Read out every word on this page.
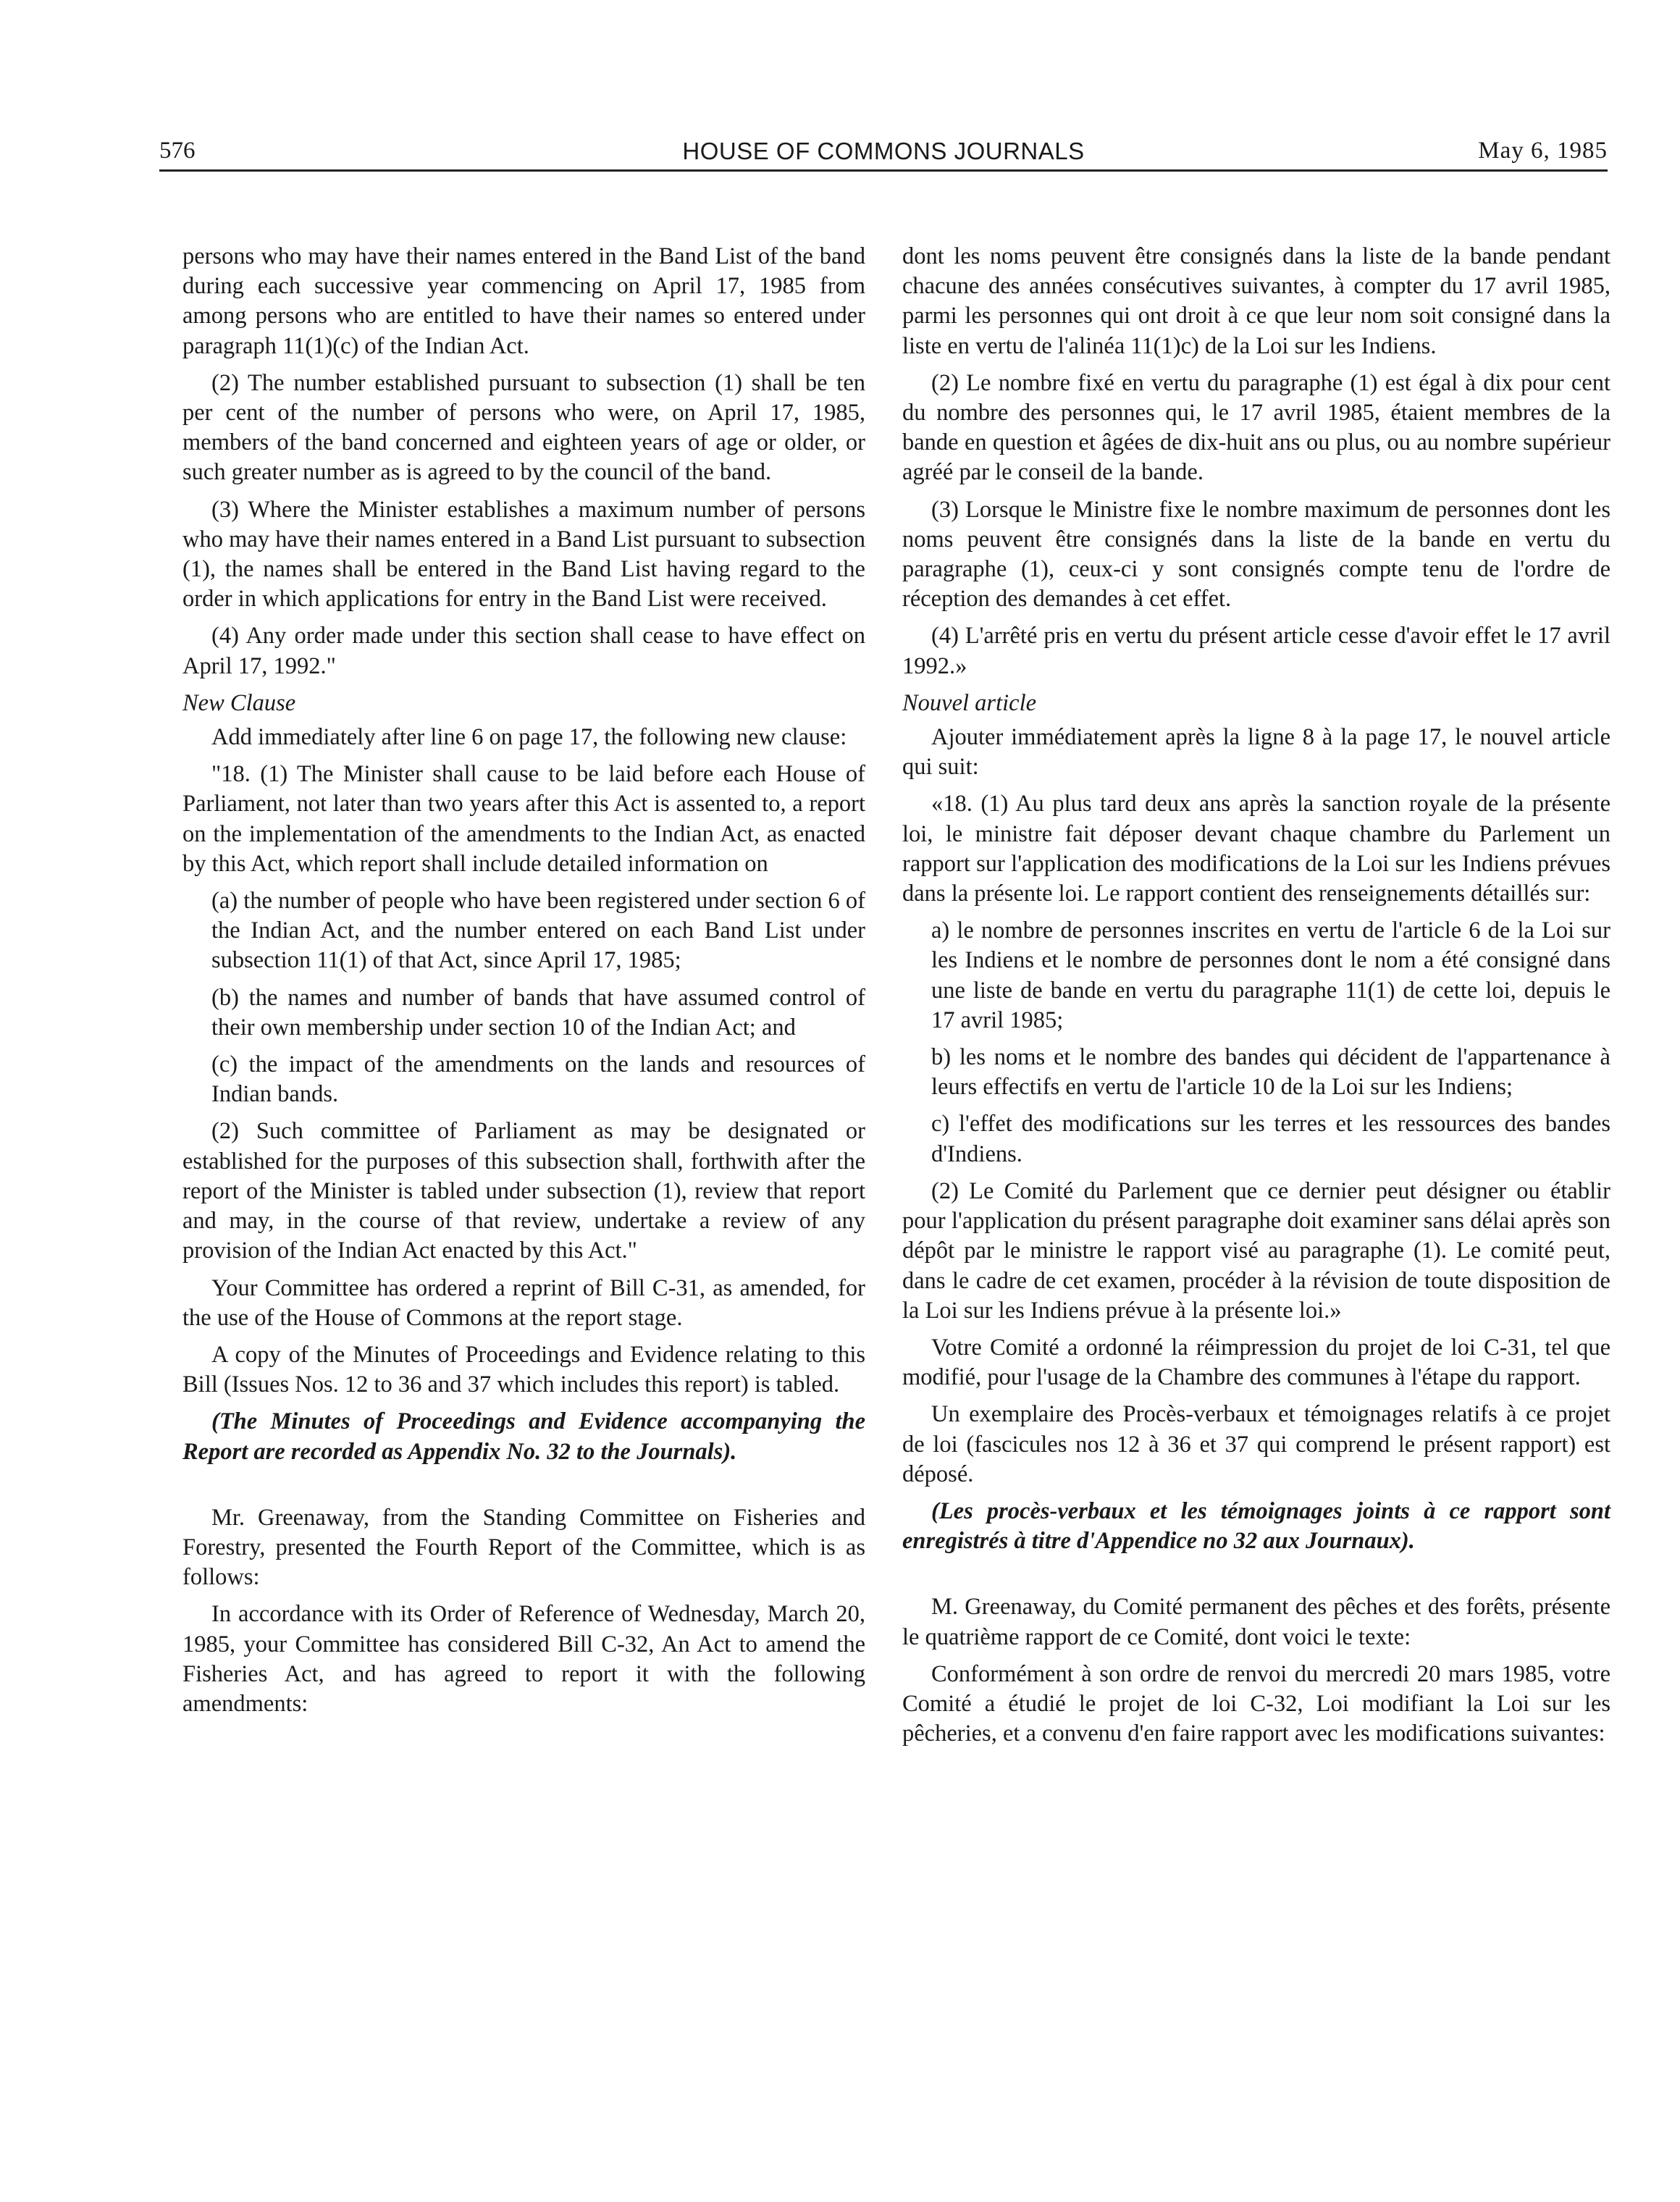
576	HOUSE OF COMMONS JOURNALS	May 6, 1985

persons who may have their names entered in the Band List of the band during each successive year commencing on April 17, 1985 from among persons who are entitled to have their names so entered under paragraph 11(1)(c) of the Indian Act.

(2) The number established pursuant to subsection (1) shall be ten per cent of the number of persons who were, on April 17, 1985, members of the band concerned and eighteen years of age or older, or such greater number as is agreed to by the council of the band.

(3) Where the Minister establishes a maximum number of persons who may have their names entered in a Band List pursuant to subsection (1), the names shall be entered in the Band List having regard to the order in which applications for entry in the Band List were received.

(4) Any order made under this section shall cease to have effect on April 17, 1992."

New Clause

Add immediately after line 6 on page 17, the following new clause:

"18. (1) The Minister shall cause to be laid before each House of Parliament, not later than two years after this Act is assented to, a report on the implementation of the amendments to the Indian Act, as enacted by this Act, which report shall include detailed information on

(a) the number of people who have been registered under section 6 of the Indian Act, and the number entered on each Band List under subsection 11(1) of that Act, since April 17, 1985;

(b) the names and number of bands that have assumed control of their own membership under section 10 of the Indian Act; and

(c) the impact of the amendments on the lands and resources of Indian bands.

(2) Such committee of Parliament as may be designated or established for the purposes of this subsection shall, forthwith after the report of the Minister is tabled under subsection (1), review that report and may, in the course of that review, undertake a review of any provision of the Indian Act enacted by this Act."

Your Committee has ordered a reprint of Bill C-31, as amended, for the use of the House of Commons at the report stage.

A copy of the Minutes of Proceedings and Evidence relating to this Bill (Issues Nos. 12 to 36 and 37 which includes this report) is tabled.

(The Minutes of Proceedings and Evidence accompanying the Report are recorded as Appendix No. 32 to the Journals).

Mr. Greenaway, from the Standing Committee on Fisheries and Forestry, presented the Fourth Report of the Committee, which is as follows:

In accordance with its Order of Reference of Wednesday, March 20, 1985, your Committee has considered Bill C-32, An Act to amend the Fisheries Act, and has agreed to report it with the following amendments:

dont les noms peuvent être consignés dans la liste de la bande pendant chacune des années consécutives suivantes, à compter du 17 avril 1985, parmi les personnes qui ont droit à ce que leur nom soit consigné dans la liste en vertu de l'alinéa 11(1)c) de la Loi sur les Indiens.

(2) Le nombre fixé en vertu du paragraphe (1) est égal à dix pour cent du nombre des personnes qui, le 17 avril 1985, étaient membres de la bande en question et âgées de dix-huit ans ou plus, ou au nombre supérieur agréé par le conseil de la bande.

(3) Lorsque le Ministre fixe le nombre maximum de personnes dont les noms peuvent être consignés dans la liste de la bande en vertu du paragraphe (1), ceux-ci y sont consignés compte tenu de l'ordre de réception des demandes à cet effet.

(4) L'arrêté pris en vertu du présent article cesse d'avoir effet le 17 avril 1992.»

Nouvel article

Ajouter immédiatement après la ligne 8 à la page 17, le nouvel article qui suit:

«18. (1) Au plus tard deux ans après la sanction royale de la présente loi, le ministre fait déposer devant chaque chambre du Parlement un rapport sur l'application des modifications de la Loi sur les Indiens prévues dans la présente loi. Le rapport contient des renseignements détaillés sur:

a) le nombre de personnes inscrites en vertu de l'article 6 de la Loi sur les Indiens et le nombre de personnes dont le nom a été consigné dans une liste de bande en vertu du paragraphe 11(1) de cette loi, depuis le 17 avril 1985;

b) les noms et le nombre des bandes qui décident de l'appartenance à leurs effectifs en vertu de l'article 10 de la Loi sur les Indiens;

c) l'effet des modifications sur les terres et les ressources des bandes d'Indiens.

(2) Le Comité du Parlement que ce dernier peut désigner ou établir pour l'application du présent paragraphe doit examiner sans délai après son dépôt par le ministre le rapport visé au paragraphe (1). Le comité peut, dans le cadre de cet examen, procéder à la révision de toute disposition de la Loi sur les Indiens prévue à la présente loi.»

Votre Comité a ordonné la réimpression du projet de loi C-31, tel que modifié, pour l'usage de la Chambre des communes à l'étape du rapport.

Un exemplaire des Procès-verbaux et témoignages relatifs à ce projet de loi (fascicules nos 12 à 36 et 37 qui comprend le présent rapport) est déposé.

(Les procès-verbaux et les témoignages joints à ce rapport sont enregistrés à titre d'Appendice no 32 aux Journaux).

M. Greenaway, du Comité permanent des pêches et des forêts, présente le quatrième rapport de ce Comité, dont voici le texte:

Conformément à son ordre de renvoi du mercredi 20 mars 1985, votre Comité a étudié le projet de loi C-32, Loi modifiant la Loi sur les pêcheries, et a convenu d'en faire rapport avec les modifications suivantes:
